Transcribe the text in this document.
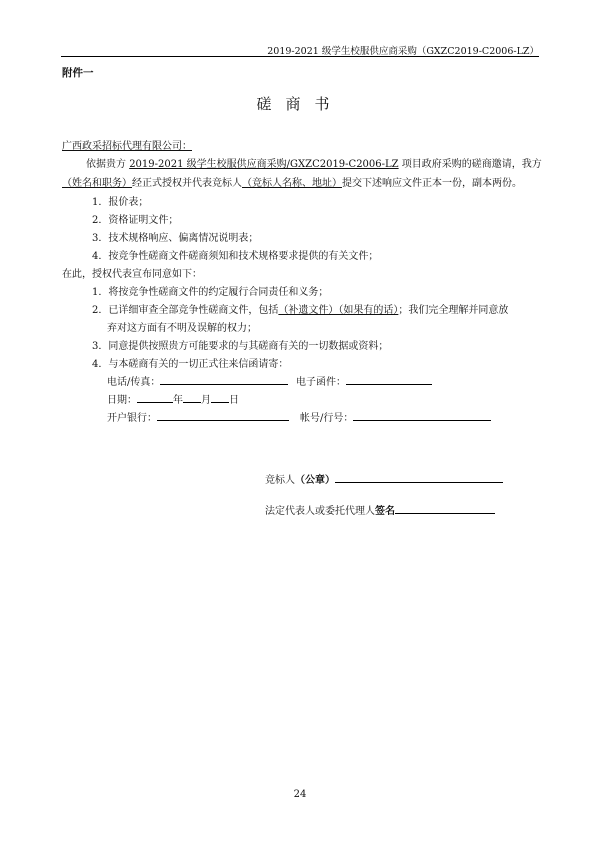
2019-2021 级学生校服供应商采购（GXZC2019-C2006-LZ）
附件一
磋商书
广西政采招标代理有限公司：
依据贵方 2019-2021 级学生校服供应商采购/GXZC2019-C2006-LZ 项目政府采购的磋商邀请，我方
（姓名和职务）经正式授权并代表竞标人（竞标人名称、地址）提交下述响应文件正本一份，副本两份。
1．报价表；
2．资格证明文件；
3．技术规格响应、偏离情况说明表；
4．按竞争性磋商文件磋商须知和技术规格要求提供的有关文件；
在此，授权代表宣布同意如下：
1．将按竞争性磋商文件的约定履行合同责任和义务；
2．已详细审查全部竞争性磋商文件，包括（补遗文件）（如果有的话）；我们完全理解并同意放
弃对这方面有不明及误解的权力；
3．同意提供按照贵方可能要求的与其磋商有关的一切数据或资料；
4．与本磋商有关的一切正式往来信函请寄：
电话/传真：	电子函件：
日期：	年 月 日
开户银行：	帐号/行号：
竞标人（公章）
法定代表人或委托代理人签名
24
